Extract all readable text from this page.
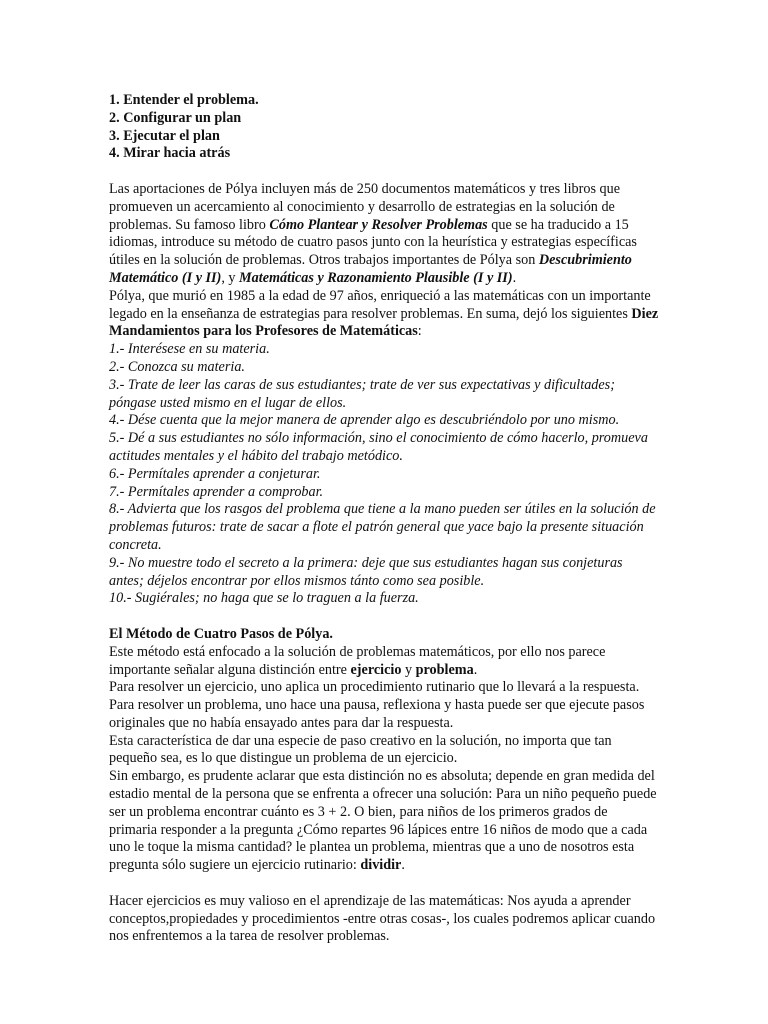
1. Entender el problema.
2. Configurar un plan
3. Ejecutar el plan
4. Mirar hacia atrás

Las aportaciones de Pólya incluyen más de 250 documentos matemáticos y tres libros que promueven un acercamiento al conocimiento y desarrollo de estrategias en la solución de problemas. Su famoso libro Cómo Plantear y Resolver Problemas que se ha traducido a 15 idiomas, introduce su método de cuatro pasos junto con la heurística y estrategias específicas útiles en la solución de problemas. Otros trabajos importantes de Pólya son Descubrimiento Matemático (I y II), y Matemáticas y Razonamiento Plausible (I y II).

Pólya, que murió en 1985 a la edad de 97 años, enriqueció a las matemáticas con un importante legado en la enseñanza de estrategias para resolver problemas. En suma, dejó los siguientes Diez Mandamientos para los Profesores de Matemáticas:

1.- Interésese en su materia.

2.- Conozca su materia.

3.- Trate de leer las caras de sus estudiantes; trate de ver sus expectativas y dificultades; póngase usted mismo en el lugar de ellos.

4.- Dése cuenta que la mejor manera de aprender algo es descubriéndolo por uno mismo.

5.- Dé a sus estudiantes no sólo información, sino el conocimiento de cómo hacerlo, promueva actitudes mentales y el hábito del trabajo metódico.

6.- Permítales aprender a conjeturar.

7.- Permítales aprender a comprobar.

8.- Advierta que los rasgos del problema que tiene a la mano pueden ser útiles en la solución de problemas futuros: trate de sacar a flote el patrón general que yace bajo la presente situación concreta.

9.- No muestre todo el secreto a la primera: deje que sus estudiantes hagan sus conjeturas antes; déjelos encontrar por ellos mismos tánto como sea posible.

10.- Sugiérales; no haga que se lo traguen a la fuerza.

El Método de Cuatro Pasos de Pólya.

Este método está enfocado a la solución de problemas matemáticos, por ello nos parece importante señalar alguna distinción entre ejercicio y problema.

Para resolver un ejercicio, uno aplica un procedimiento rutinario que lo llevará a la respuesta. Para resolver un problema, uno hace una pausa, reflexiona y hasta puede ser que ejecute pasos originales que no había ensayado antes para dar la respuesta.

Esta característica de dar una especie de paso creativo en la solución, no importa que tan pequeño sea, es lo que distingue un problema de un ejercicio.

Sin embargo, es prudente aclarar que esta distinción no es absoluta; depende en gran medida del estadio mental de la persona que se enfrenta a ofrecer una solución: Para un niño pequeño puede ser un problema encontrar cuánto es 3 + 2. O bien, para niños de los primeros grados de primaria responder a la pregunta ¿Cómo repartes 96 lápices entre 16 niños de modo que a cada uno le toque la misma cantidad? le plantea un problema, mientras que a uno de nosotros esta pregunta sólo sugiere un ejercicio rutinario: dividir.

Hacer ejercicios es muy valioso en el aprendizaje de las matemáticas: Nos ayuda a aprender conceptos,propiedades y procedimientos -entre otras cosas-, los cuales podremos aplicar cuando nos enfrentemos a la tarea de resolver problemas.
